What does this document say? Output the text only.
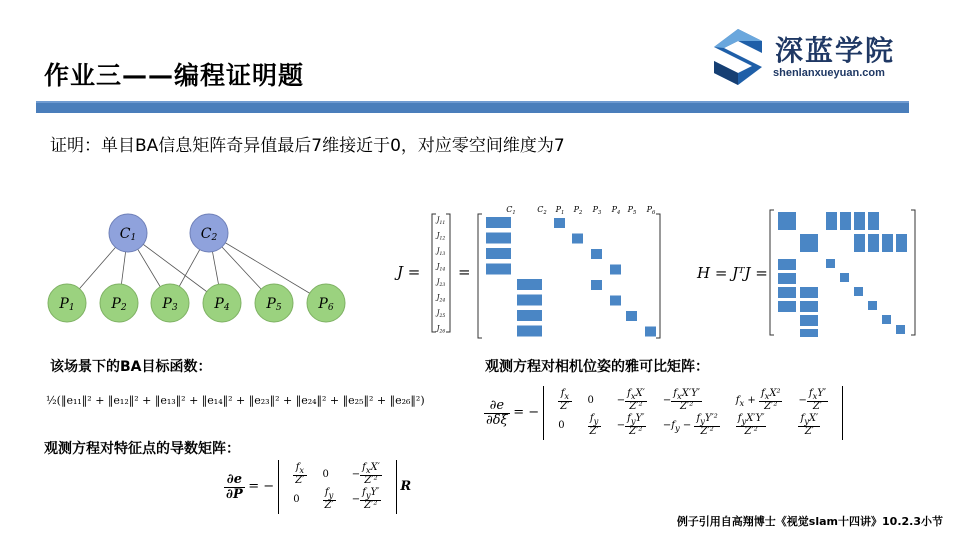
作业三——编程证明题
深蓝学院
shenlanxueyuan.com
证明：单目BA信息矩阵奇异值最后7维接近于0，对应零空间维度为7
C1	C2
P1	P2	P3	P4	P5	P6
J =
$C_1$	$C_2$ $P_1$ $P_2$ $P_3$ $P_4$ $P_5$ $P_6$
$J_{11}$
$J_{12}$
$J_{13}$
$J_{14}$
$J_{23}$
$J_{24}$
$J_{25}$
$J_{26}$
=	H = JᵀJ =
该场景下的BA目标函数：	观测方程对相机位姿的雅可比矩阵：
观测方程对特征点的导数矩阵：
½(‖e₁₁‖² + ‖e₁₂‖² + ‖e₁₃‖² + ‖e₁₄‖² + ‖e₂₃‖² + ‖e₂₄‖² + ‖e₂₅‖² + ‖e₂₆‖²)	$\frac{\partial e}{\partial\delta\xi}$ = −
$\frac{f_x}{Z'}$	0	− $\frac{f_xX'}{\text{Z′²}}$	− $\frac{f_xX'Y'}{\text{Z′²}}$	$f_x + \frac{f_xX^2}{\text{Z′²}}$	− $\frac{f_xY'}{Z'}$

0	$\frac{f_y}{Z'}$	− $\frac{f_yY'}{\text{Z′²}}$	$-f_y - \frac{f_yY'^2}{\text{Z′²}}$	$\frac{f_yX'Y'}{\text{Z′²}}$	$\frac{f_yX'}{Z'}$
$\frac{\partial e}{\partial P}$ = −
$\frac{f_x}{Z'}$	0	− $\frac{f_xX'}{\text{Z′²}}$

0	$\frac{f_y}{Z'}$	− $\frac{f_yY'}{\text{Z′²}}$
R
例子引用自高翔博士《视觉slam十四讲》10.2.3小节
